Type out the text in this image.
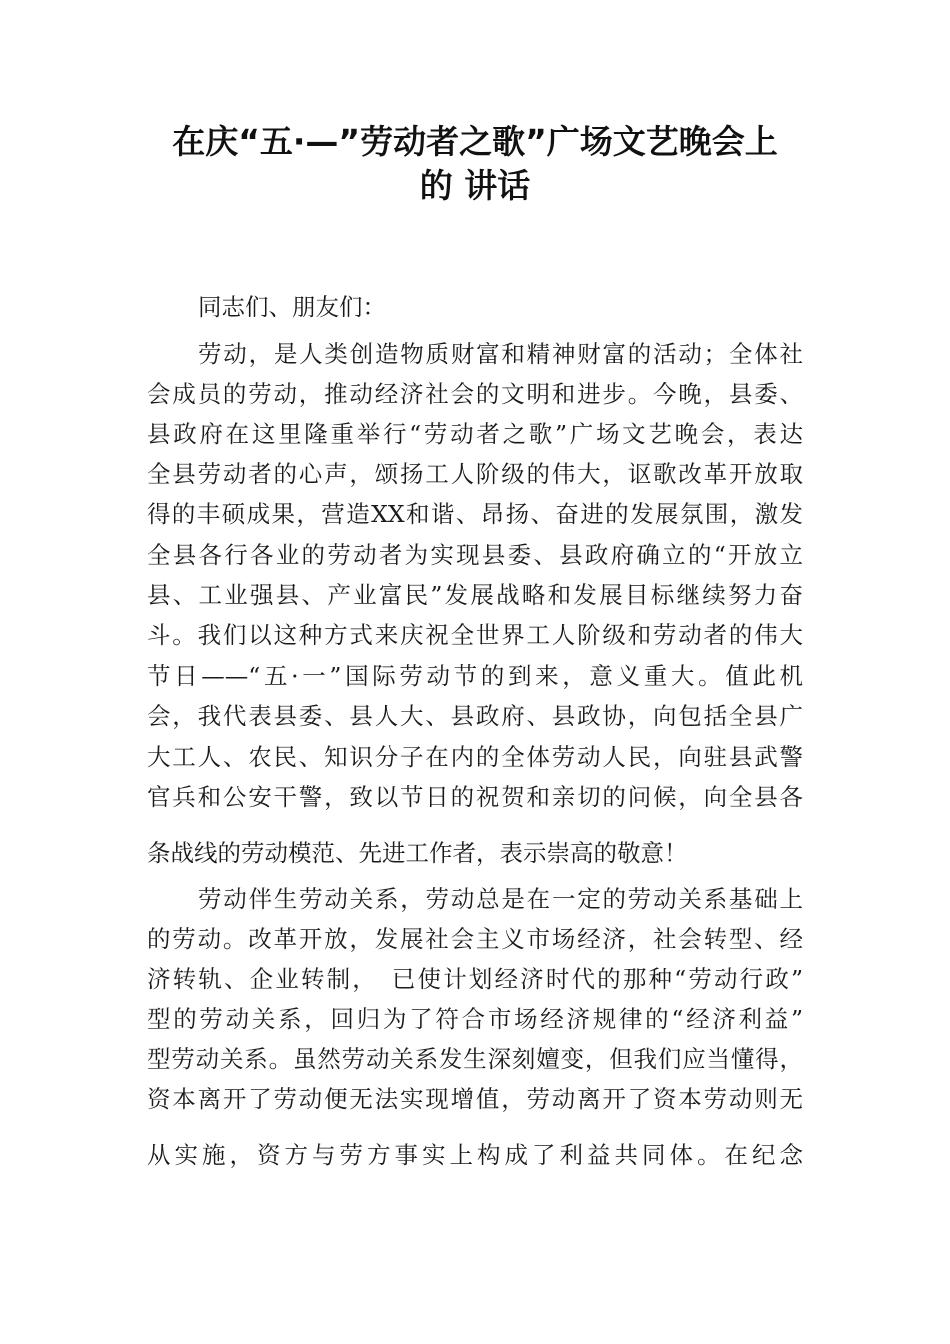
在庆“五·—”劳动者之歌”广场文艺晚会上
的 讲话
同志们、朋友们：
劳动，是人类创造物质财富和精神财富的活动；全体社
会成员的劳动，推动经济社会的文明和进步。今晚，县委、
县政府在这里隆重举行“劳动者之歌”广场文艺晚会，表达
全县劳动者的心声，颂扬工人阶级的伟大，讴歌改革开放取
得的丰硕成果，营造XX和谐、昂扬、奋进的发展氛围，激发
全县各行各业的劳动者为实现县委、县政府确立的“开放立
县、工业强县、产业富民”发展战略和发展目标继续努力奋
斗。我们以这种方式来庆祝全世界工人阶级和劳动者的伟大
节日——“五·一”国际劳动节的到来，意义重大。值此机
会，我代表县委、县人大、县政府、县政协，向包括全县广
大工人、农民、知识分子在内的全体劳动人民，向驻县武警
官兵和公安干警，致以节日的祝贺和亲切的问候，向全县各
条战线的劳动模范、先进工作者，表示崇高的敬意！
劳动伴生劳动关系，劳动总是在一定的劳动关系基础上
的劳动。改革开放，发展社会主义市场经济，社会转型、经
济转轨、企业转制，　已使计划经济时代的那种“劳动行政”
型的劳动关系，回归为了符合市场经济规律的“经济利益”
型劳动关系。虽然劳动关系发生深刻嬗变，但我们应当懂得，
资本离开了劳动便无法实现增值，劳动离开了资本劳动则无
从实施，资方与劳方事实上构成了利益共同体。在纪念
